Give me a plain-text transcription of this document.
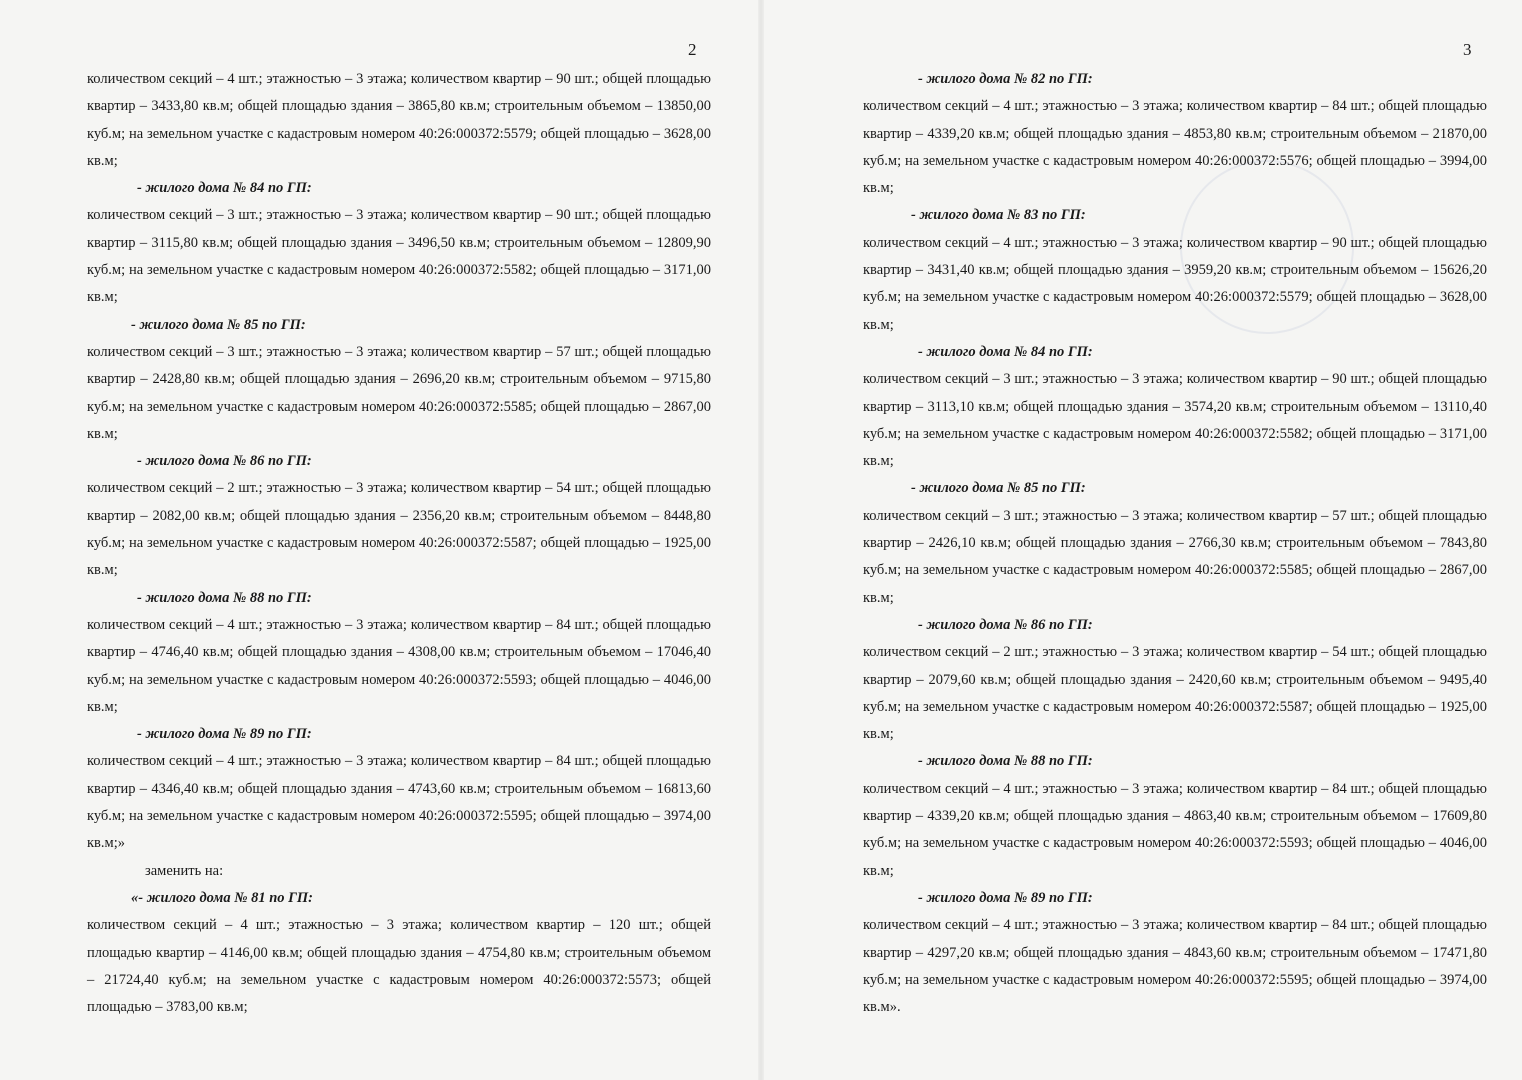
2

количеством секций – 4 шт.; этажностью – 3 этажа; количеством квартир – 90 шт.; общей площадью квартир – 3433,80 кв.м; общей площадью здания – 3865,80 кв.м; строительным объемом – 13850,00 куб.м; на земельном участке с кадастровым номером 40:26:000372:5579; общей площадью – 3628,00 кв.м;

- жилого дома № 84 по ГП:

количеством секций – 3 шт.; этажностью – 3 этажа; количеством квартир – 90 шт.; общей площадью квартир – 3115,80 кв.м; общей площадью здания – 3496,50 кв.м; строительным объемом – 12809,90 куб.м; на земельном участке с кадастровым номером 40:26:000372:5582; общей площадью – 3171,00 кв.м;

- жилого дома № 85 по ГП:

количеством секций – 3 шт.; этажностью – 3 этажа; количеством квартир – 57 шт.; общей площадью квартир – 2428,80 кв.м; общей площадью здания – 2696,20 кв.м; строительным объемом – 9715,80 куб.м; на земельном участке с кадастровым номером 40:26:000372:5585; общей площадью – 2867,00 кв.м;

- жилого дома № 86 по ГП:

количеством секций – 2 шт.; этажностью – 3 этажа; количеством квартир – 54 шт.; общей площадью квартир – 2082,00 кв.м; общей площадью здания – 2356,20 кв.м; строительным объемом – 8448,80 куб.м; на земельном участке с кадастровым номером 40:26:000372:5587; общей площадью – 1925,00 кв.м;

- жилого дома № 88 по ГП:

количеством секций – 4 шт.; этажностью – 3 этажа; количеством квартир – 84 шт.; общей площадью квартир – 4746,40 кв.м; общей площадью здания – 4308,00 кв.м; строительным объемом – 17046,40 куб.м; на земельном участке с кадастровым номером 40:26:000372:5593; общей площадью – 4046,00 кв.м;

- жилого дома № 89 по ГП:

количеством секций – 4 шт.; этажностью – 3 этажа; количеством квартир – 84 шт.; общей площадью квартир – 4346,40 кв.м; общей площадью здания – 4743,60 кв.м; строительным объемом – 16813,60 куб.м; на земельном участке с кадастровым номером 40:26:000372:5595; общей площадью – 3974,00 кв.м;»

заменить на:

«- жилого дома № 81 по ГП:

количеством секций – 4 шт.; этажностью – 3 этажа; количеством квартир – 120 шт.; общей площадью квартир – 4146,00 кв.м; общей площадью здания – 4754,80 кв.м; строительным объемом – 21724,40 куб.м; на земельном участке с кадастровым номером 40:26:000372:5573; общей площадью – 3783,00 кв.м;

3

- жилого дома № 82 по ГП:

количеством секций – 4 шт.; этажностью – 3 этажа; количеством квартир – 84 шт.; общей площадью квартир – 4339,20 кв.м; общей площадью здания – 4853,80 кв.м; строительным объемом – 21870,00 куб.м; на земельном участке с кадастровым номером 40:26:000372:5576; общей площадью – 3994,00 кв.м;

- жилого дома № 83 по ГП:

количеством секций – 4 шт.; этажностью – 3 этажа; количеством квартир – 90 шт.; общей площадью квартир – 3431,40 кв.м; общей площадью здания – 3959,20 кв.м; строительным объемом – 15626,20 куб.м; на земельном участке с кадастровым номером 40:26:000372:5579; общей площадью – 3628,00 кв.м;

- жилого дома № 84 по ГП:

количеством секций – 3 шт.; этажностью – 3 этажа; количеством квартир – 90 шт.; общей площадью квартир – 3113,10 кв.м; общей площадью здания – 3574,20 кв.м; строительным объемом – 13110,40 куб.м; на земельном участке с кадастровым номером 40:26:000372:5582; общей площадью – 3171,00 кв.м;

- жилого дома № 85 по ГП:

количеством секций – 3 шт.; этажностью – 3 этажа; количеством квартир – 57 шт.; общей площадью квартир – 2426,10 кв.м; общей площадью здания – 2766,30 кв.м; строительным объемом – 7843,80 куб.м; на земельном участке с кадастровым номером 40:26:000372:5585; общей площадью – 2867,00 кв.м;

- жилого дома № 86 по ГП:

количеством секций – 2 шт.; этажностью – 3 этажа; количеством квартир – 54 шт.; общей площадью квартир – 2079,60 кв.м; общей площадью здания – 2420,60 кв.м; строительным объемом – 9495,40 куб.м; на земельном участке с кадастровым номером 40:26:000372:5587; общей площадью – 1925,00 кв.м;

- жилого дома № 88 по ГП:

количеством секций – 4 шт.; этажностью – 3 этажа; количеством квартир – 84 шт.; общей площадью квартир – 4339,20 кв.м; общей площадью здания – 4863,40 кв.м; строительным объемом – 17609,80 куб.м; на земельном участке с кадастровым номером 40:26:000372:5593; общей площадью – 4046,00 кв.м;

- жилого дома № 89 по ГП:

количеством секций – 4 шт.; этажностью – 3 этажа; количеством квартир – 84 шт.; общей площадью квартир – 4297,20 кв.м; общей площадью здания – 4843,60 кв.м; строительным объемом – 17471,80 куб.м; на земельном участке с кадастровым номером 40:26:000372:5595; общей площадью – 3974,00 кв.м».
